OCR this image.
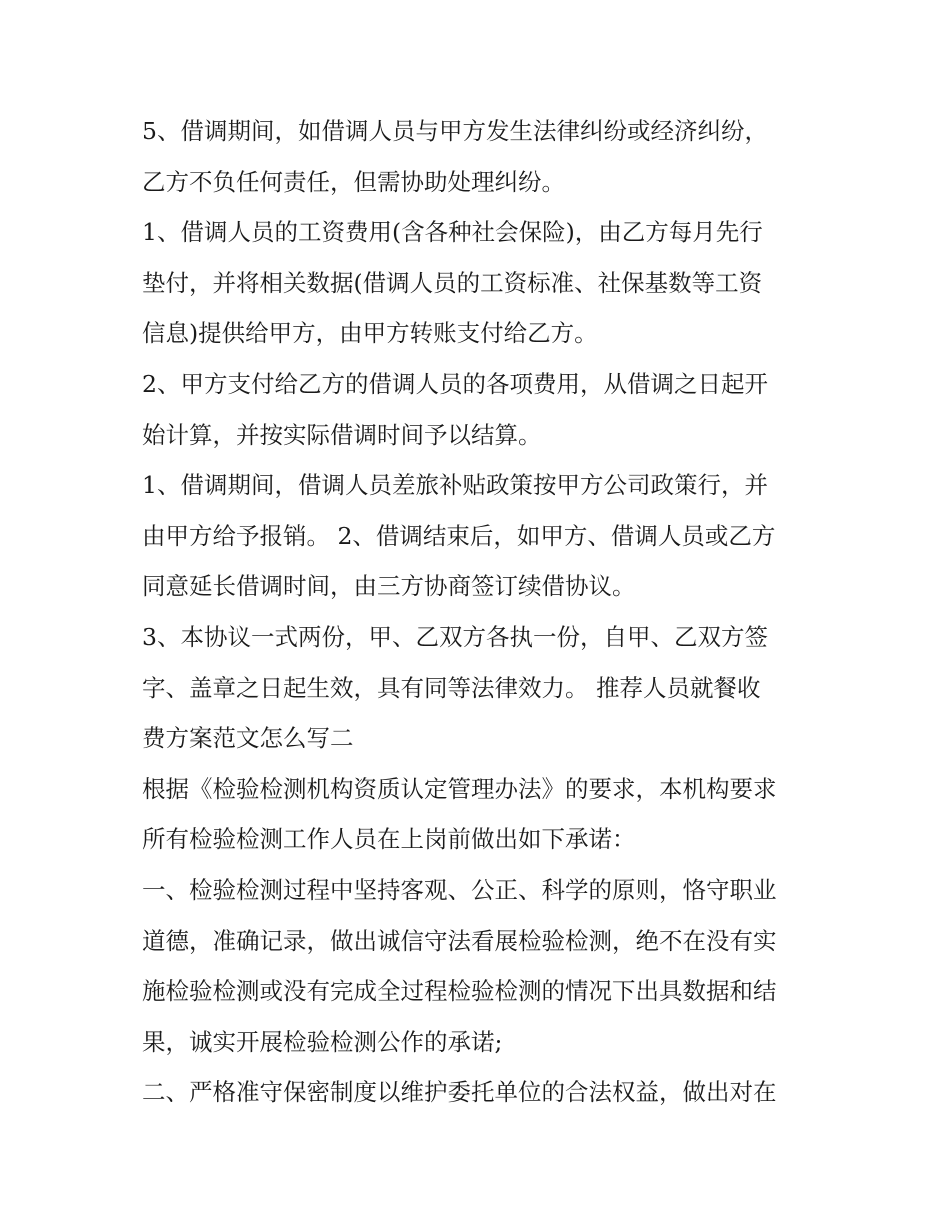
5、借调期间，如借调人员与甲方发生法律纠纷或经济纠纷，
乙方不负任何责任，但需协助处理纠纷。
1、借调人员的工资费用(含各种社会保险)，由乙方每月先行
垫付，并将相关数据(借调人员的工资标准、社保基数等工资
信息)提供给甲方，由甲方转账支付给乙方。
2、甲方支付给乙方的借调人员的各项费用，从借调之日起开
始计算，并按实际借调时间予以结算。
1、借调期间，借调人员差旅补贴政策按甲方公司政策行，并
由甲方给予报销。 2、借调结束后，如甲方、借调人员或乙方
同意延长借调时间，由三方协商签订续借协议。
3、本协议一式两份，甲、乙双方各执一份，自甲、乙双方签
字、盖章之日起生效，具有同等法律效力。 推荐人员就餐收
费方案范文怎么写二
根据《检验检测机构资质认定管理办法》的要求，本机构要求
所有检验检测工作人员在上岗前做出如下承诺：
一、检验检测过程中坚持客观、公正、科学的原则，恪守职业
道德，准确记录，做出诚信守法看展检验检测，绝不在没有实
施检验检测或没有完成全过程检验检测的情况下出具数据和结
果，诚实开展检验检测公作的承诺;
二、严格准守保密制度以维护委托单位的合法权益，做出对在
